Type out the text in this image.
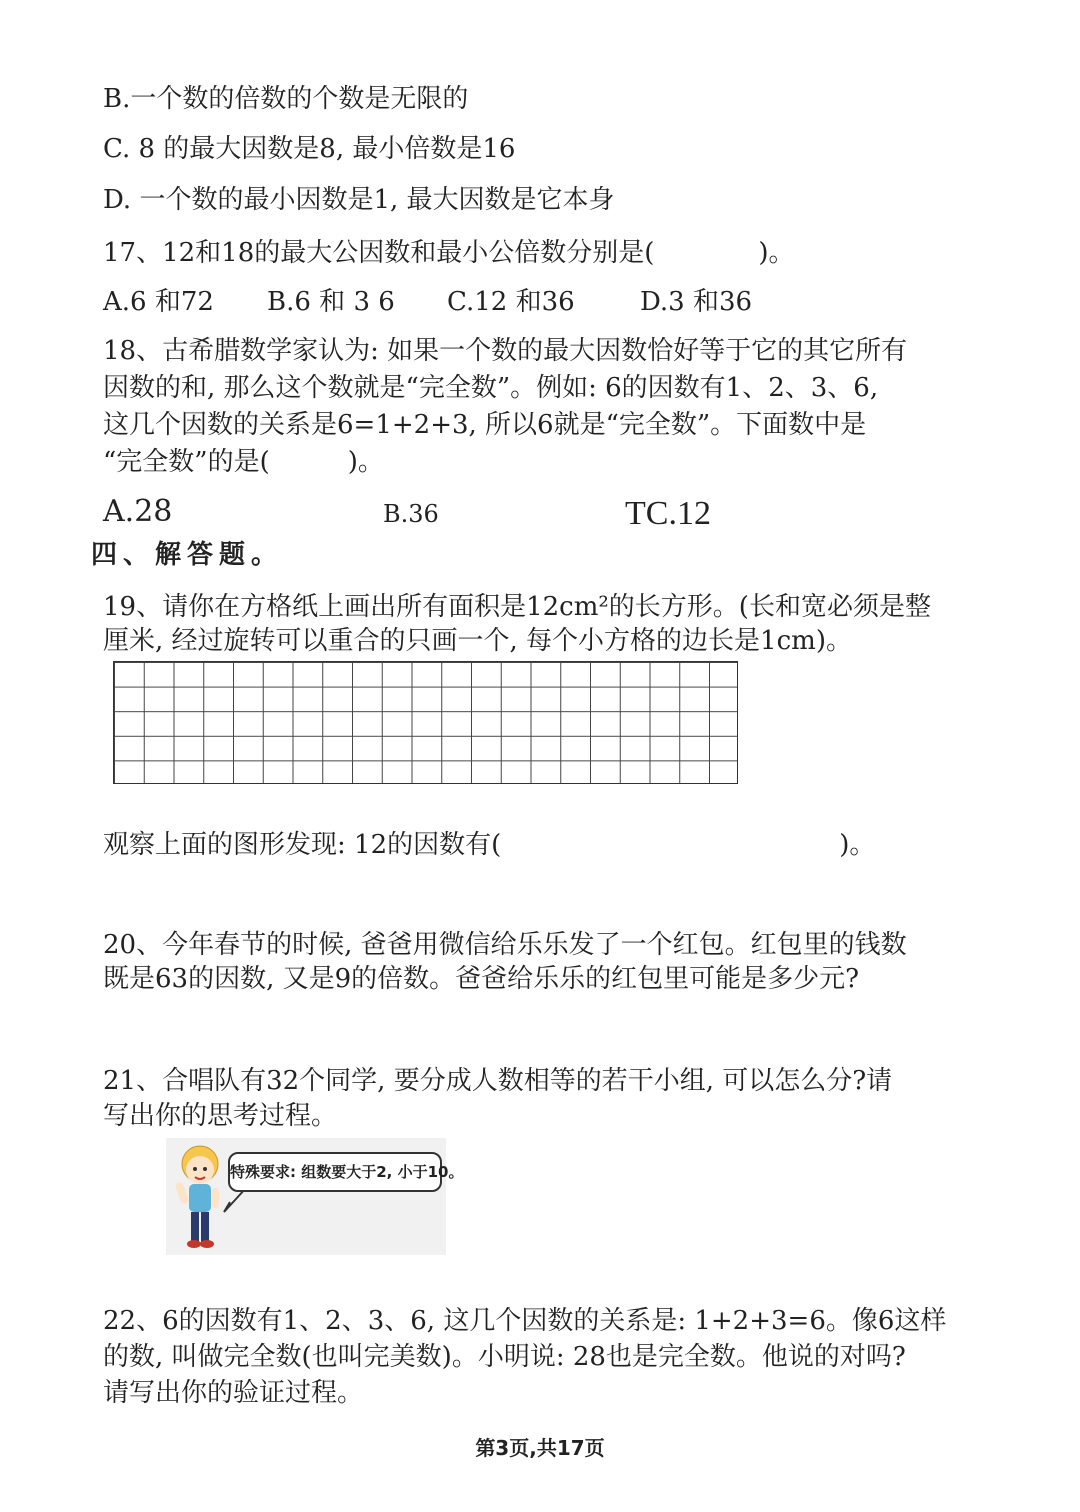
B.一个数的倍数的个数是无限的
C. 8 的最大因数是8, 最小倍数是16
D. 一个数的最小因数是1, 最大因数是它本身
17、12和18的最大公因数和最小公倍数分别是(　　　　)。
A.6 和72 B.6 和 3 6 C.12 和36	D.3 和36
18、古希腊数学家认为: 如果一个数的最大因数恰好等于它的其它所有
因数的和, 那么这个数就是“完全数”。例如: 6的因数有1、2、3、6,
这几个因数的关系是6=1+2+3, 所以6就是“完全数”。下面数中是
“完全数”的是(　　　)。
A.28	B.36	TC.12
四、解答题。
19、请你在方格纸上画出所有面积是12cm²的长方形。(长和宽必须是整
厘米, 经过旋转可以重合的只画一个, 每个小方格的边长是1cm)。
观察上面的图形发现: 12的因数有(　　　　　　　　　　　　　)。
20、今年春节的时候, 爸爸用微信给乐乐发了一个红包。红包里的钱数
既是63的因数, 又是9的倍数。爸爸给乐乐的红包里可能是多少元?
21、合唱队有32个同学, 要分成人数相等的若干小组, 可以怎么分?请
写出你的思考过程。
特殊要求: 组数要大于2, 小于10。
22、6的因数有1、2、3、6, 这几个因数的关系是: 1+2+3=6。像6这样
的数, 叫做完全数(也叫完美数)。小明说: 28也是完全数。他说的对吗?
请写出你的验证过程。
第3页,共17页
